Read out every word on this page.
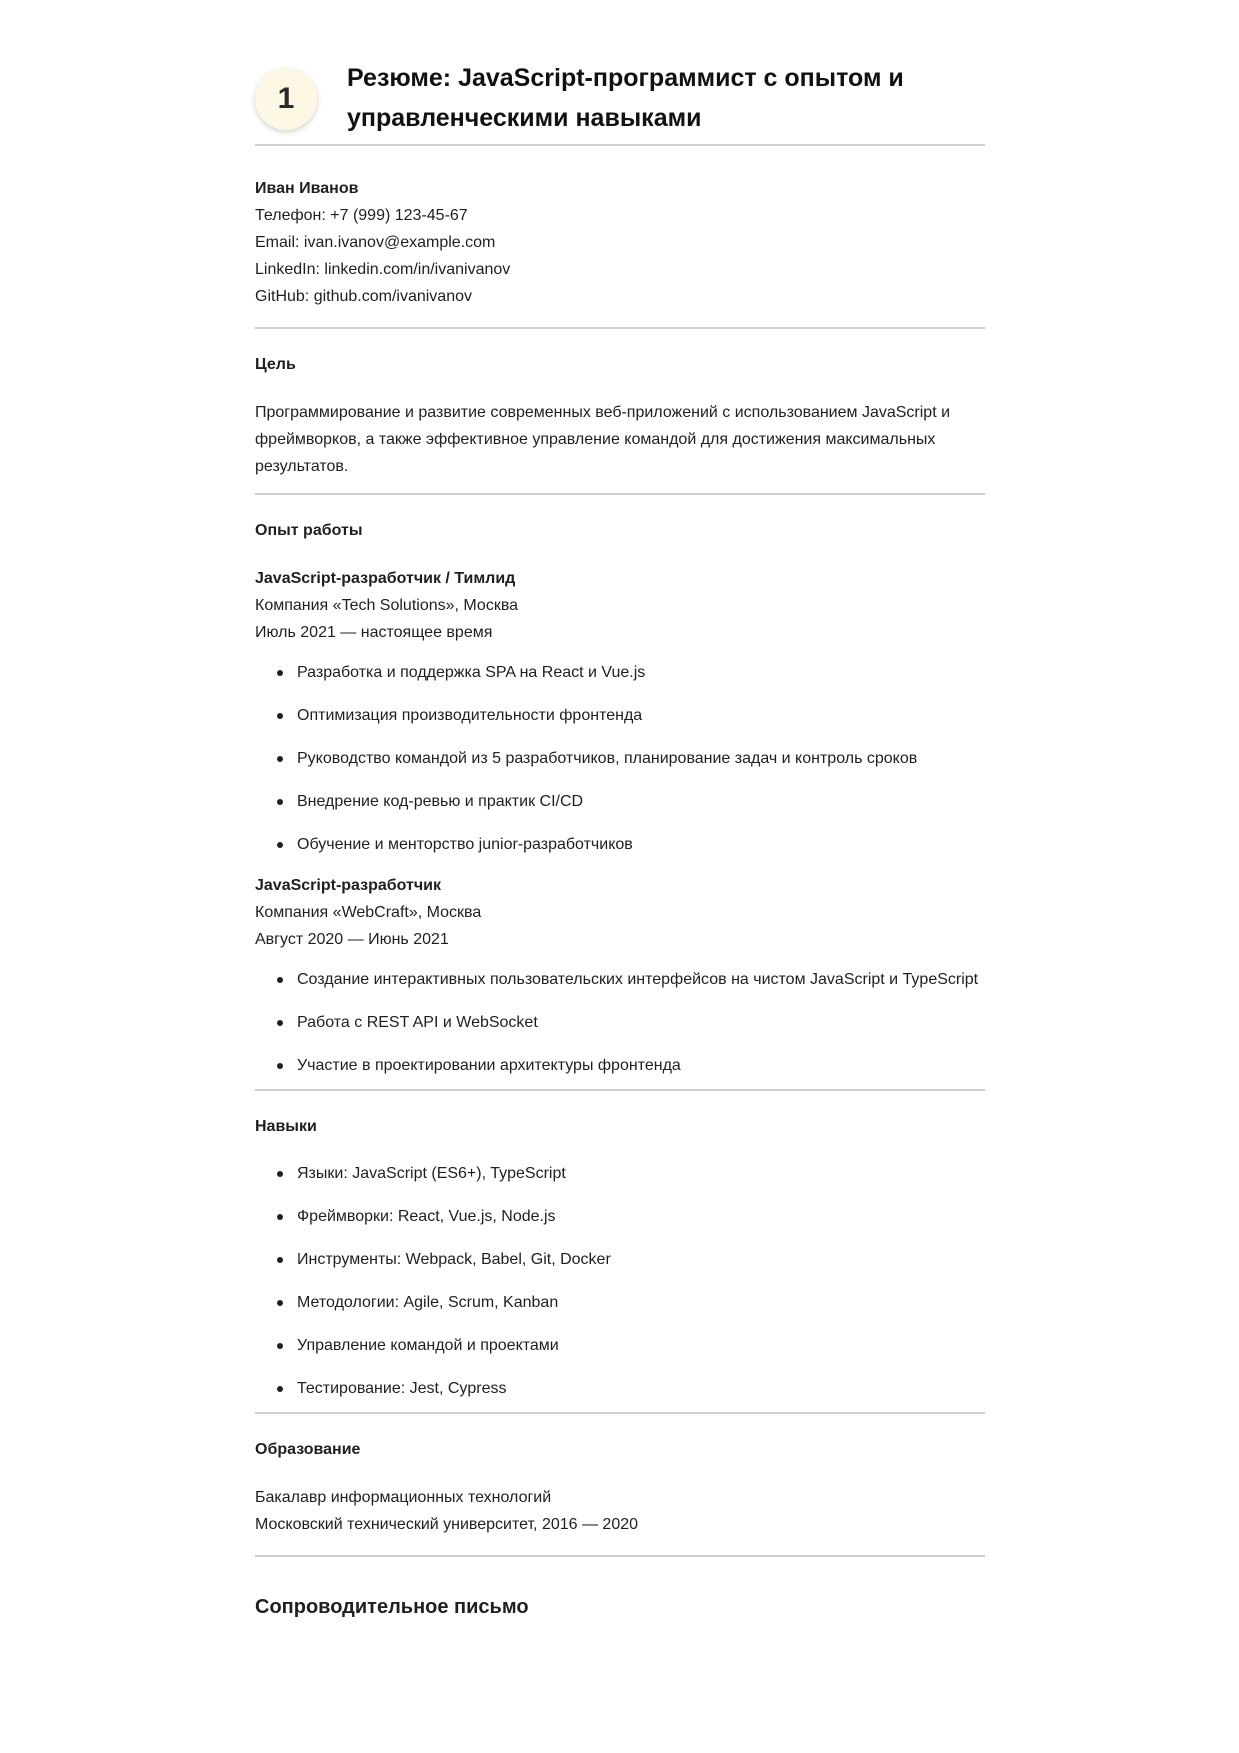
1
Резюме: JavaScript-программист с опытом и управленческими навыками
Иван Иванов
Телефон: +7 (999) 123-45-67
Email: ivan.ivanov@example.com
LinkedIn: linkedin.com/in/ivanivanov
GitHub: github.com/ivanivanov
Цель
Программирование и развитие современных веб-приложений с использованием JavaScript и фреймворков, а также эффективное управление командой для достижения максимальных результатов.
Опыт работы
JavaScript-разработчик / Тимлид
Компания «Tech Solutions», Москва
Июль 2021 — настоящее время
Разработка и поддержка SPA на React и Vue.js
Оптимизация производительности фронтенда
Руководство командой из 5 разработчиков, планирование задач и контроль сроков
Внедрение код-ревью и практик CI/CD
Обучение и менторство junior-разработчиков
JavaScript-разработчик
Компания «WebCraft», Москва
Август 2020 — Июнь 2021
Создание интерактивных пользовательских интерфейсов на чистом JavaScript и TypeScript
Работа с REST API и WebSocket
Участие в проектировании архитектуры фронтенда
Навыки
Языки: JavaScript (ES6+), TypeScript
Фреймворки: React, Vue.js, Node.js
Инструменты: Webpack, Babel, Git, Docker
Методологии: Agile, Scrum, Kanban
Управление командой и проектами
Тестирование: Jest, Cypress
Образование
Бакалавр информационных технологий
Московский технический университет, 2016 — 2020
Сопроводительное письмо
